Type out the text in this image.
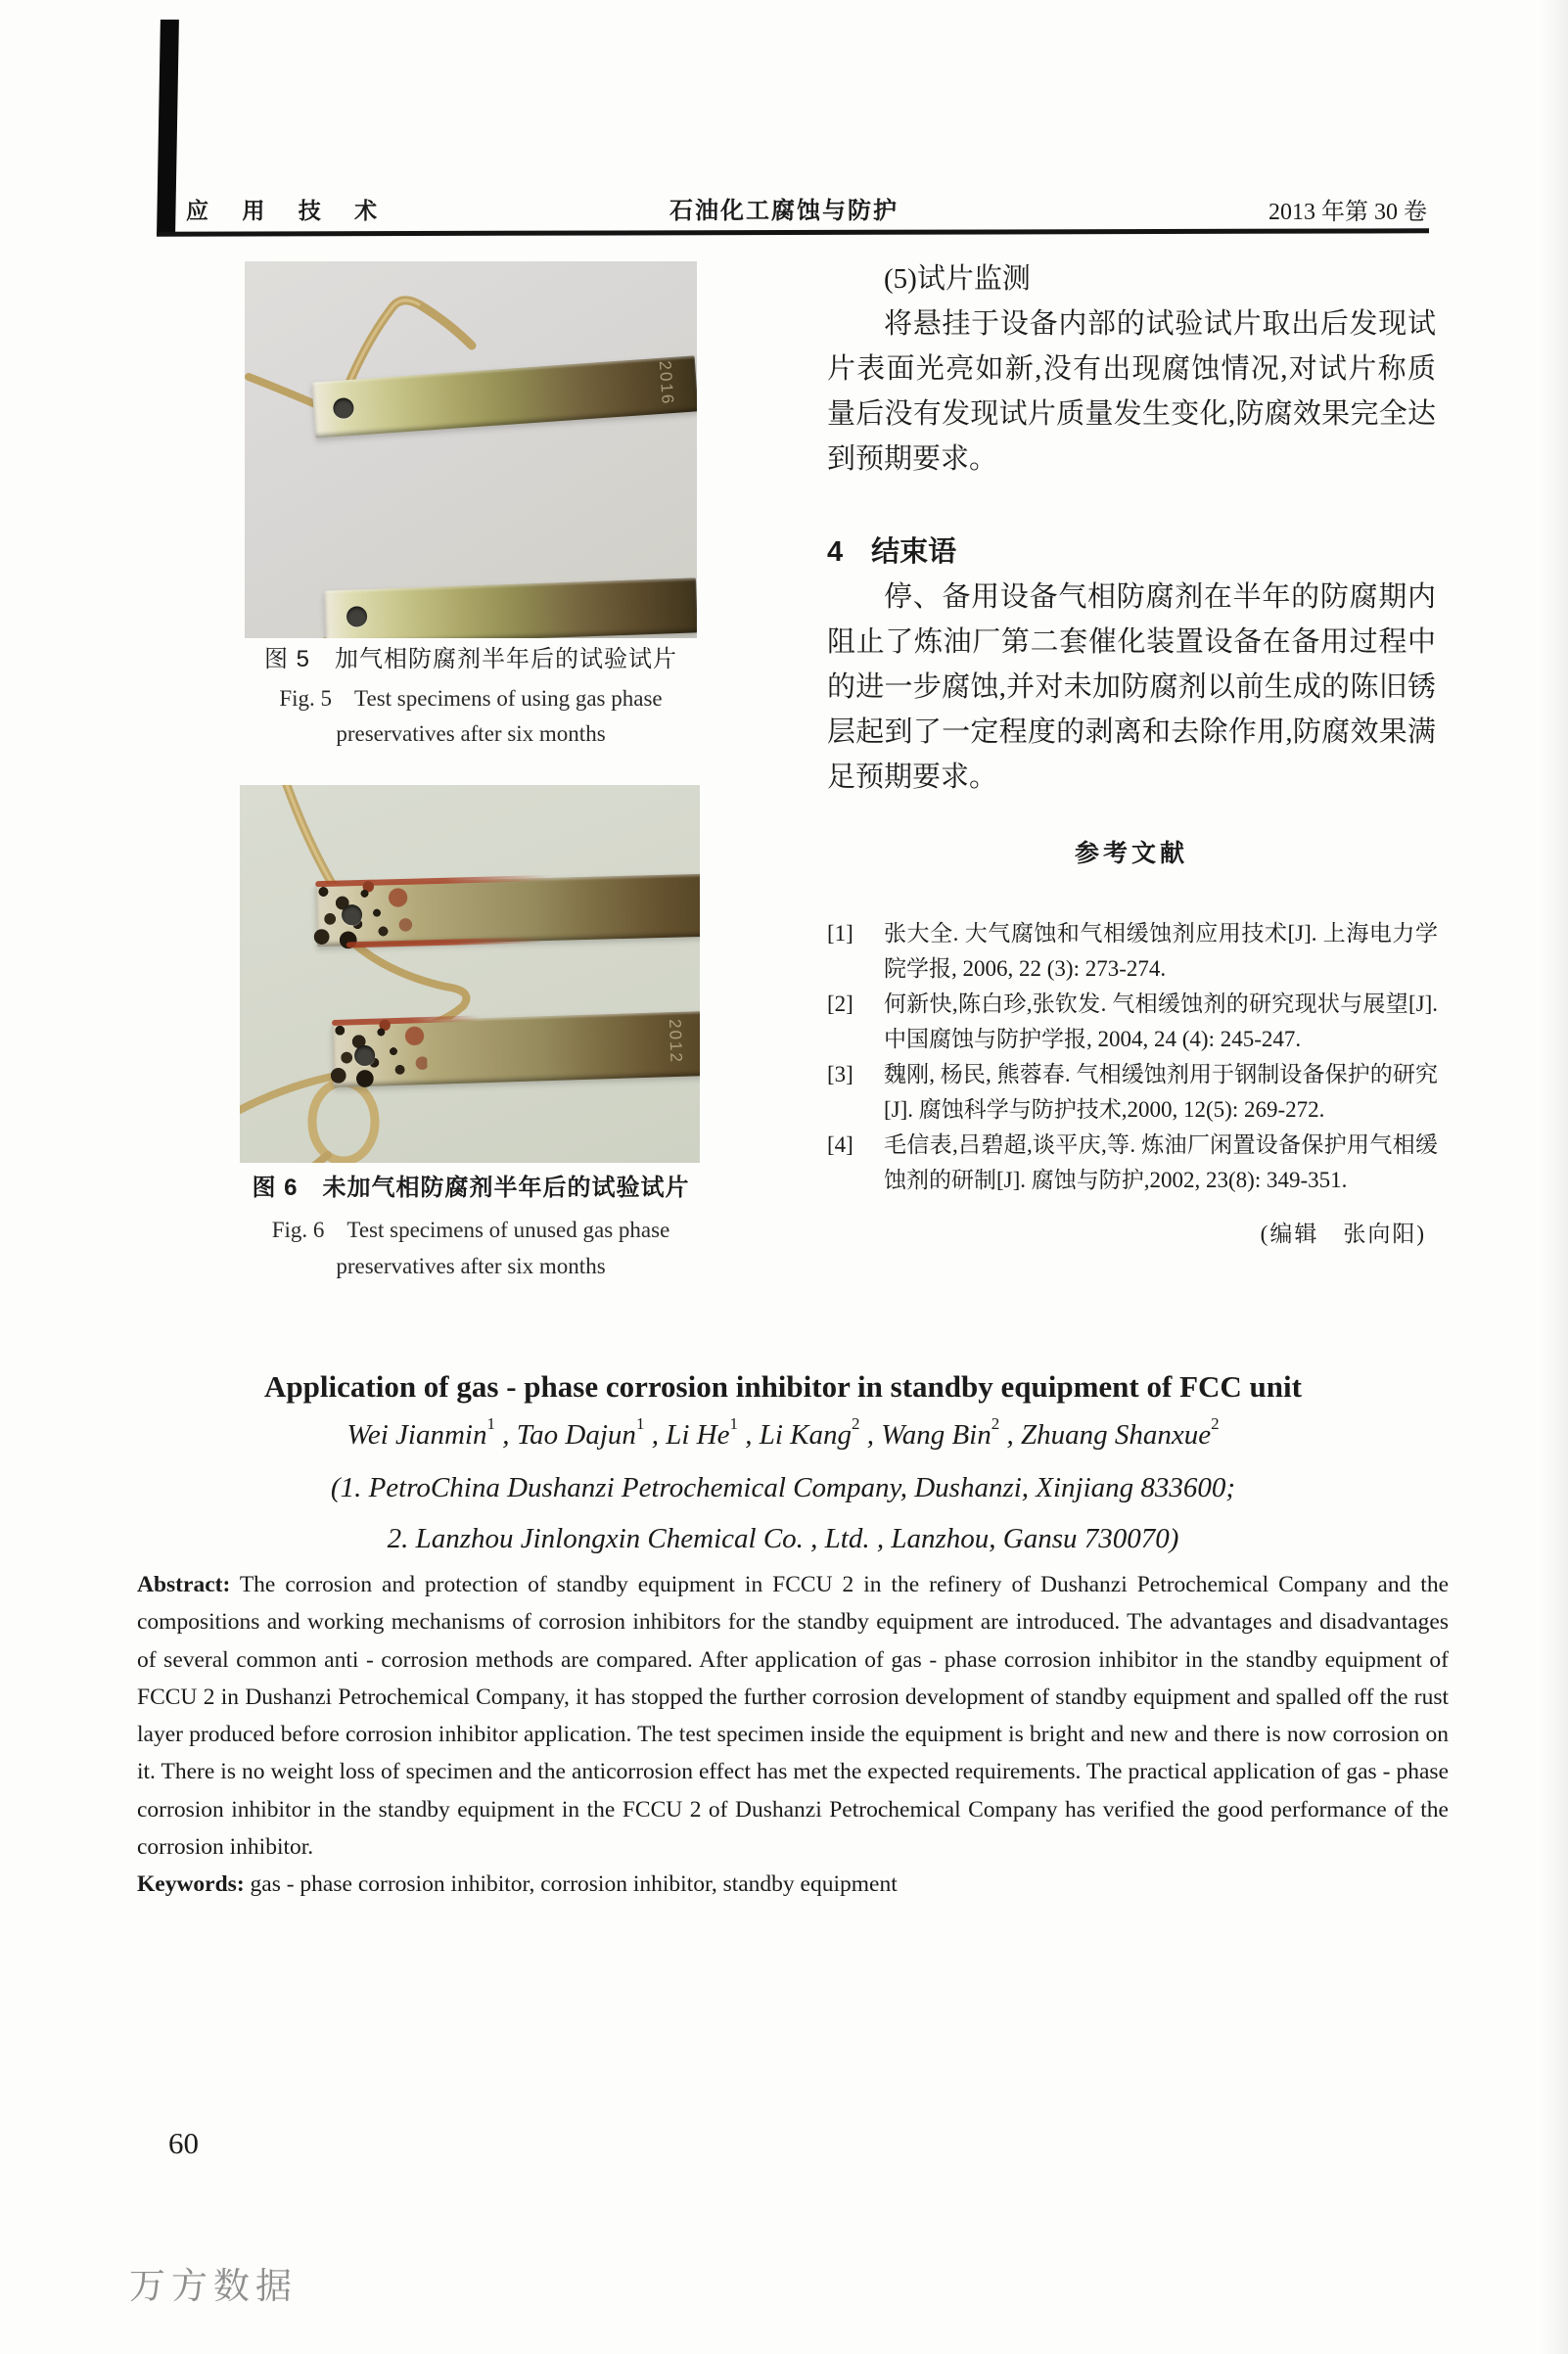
应 用 技 术	石油化工腐蚀与防护	2013 年第 30 卷
2016
图 5　加气相防腐剂半年后的试验试片
Fig. 5　Test specimens of using gas phase
preservatives after six months
2012
图 6　未加气相防腐剂半年后的试验试片
Fig. 6　Test specimens of unused gas phase
preservatives after six months

(5)试片监测

将悬挂于设备内部的试验试片取出后发现试片表面光亮如新,没有出现腐蚀情况,对试片称质量后没有发现试片质量发生变化,防腐效果完全达到预期要求。

4　结束语

停、备用设备气相防腐剂在半年的防腐期内阻止了炼油厂第二套催化装置设备在备用过程中的进一步腐蚀,并对未加防腐剂以前生成的陈旧锈层起到了一定程度的剥离和去除作用,防腐效果满足预期要求。

参考文献
[1]	张大全. 大气腐蚀和气相缓蚀剂应用技术[J]. 上海电力学院学报, 2006, 22 (3): 273-274.
[2]	何新快,陈白珍,张钦发. 气相缓蚀剂的研究现状与展望[J]. 中国腐蚀与防护学报, 2004, 24 (4): 245-247.
[3]	魏刚, 杨民, 熊蓉春. 气相缓蚀剂用于钢制设备保护的研究[J]. 腐蚀科学与防护技术,2000, 12(5): 269-272.
[4]	毛信表,吕碧超,谈平庆,等. 炼油厂闲置设备保护用气相缓蚀剂的研制[J]. 腐蚀与防护,2002, 23(8): 349-351.
(编辑　张向阳)
Application of gas - phase corrosion inhibitor in standby equipment of FCC unit
Wei Jianmin$^1$ , Tao Dajun$^1$ , Li He$^1$ , Li Kang$^2$ , Wang Bin$^2$ , Zhuang Shanxue$^2$
(1. PetroChina Dushanzi Petrochemical Company, Dushanzi, Xinjiang 833600;
2. Lanzhou Jinlongxin Chemical Co. , Ltd. , Lanzhou, Gansu 730070)

Abstract: The corrosion and protection of standby equipment in FCCU 2 in the refinery of Dushanzi Petrochemical Company and the compositions and working mechanisms of corrosion inhibitors for the standby equipment are introduced. The advantages and disadvantages of several common anti - corrosion methods are compared. After application of gas - phase corrosion inhibitor in the standby equipment of FCCU 2 in Dushanzi Petrochemical Company, it has stopped the further corrosion development of standby equipment and spalled off the rust layer produced before corrosion inhibitor application. The test specimen inside the equipment is bright and new and there is now corrosion on it. There is no weight loss of specimen and the anticorrosion effect has met the expected requirements. The practical application of gas - phase corrosion inhibitor in the standby equipment in the FCCU 2 of Dushanzi Petrochemical Company has verified the good performance of the corrosion inhibitor.

Keywords: gas - phase corrosion inhibitor, corrosion inhibitor, standby equipment

60
万方数据
